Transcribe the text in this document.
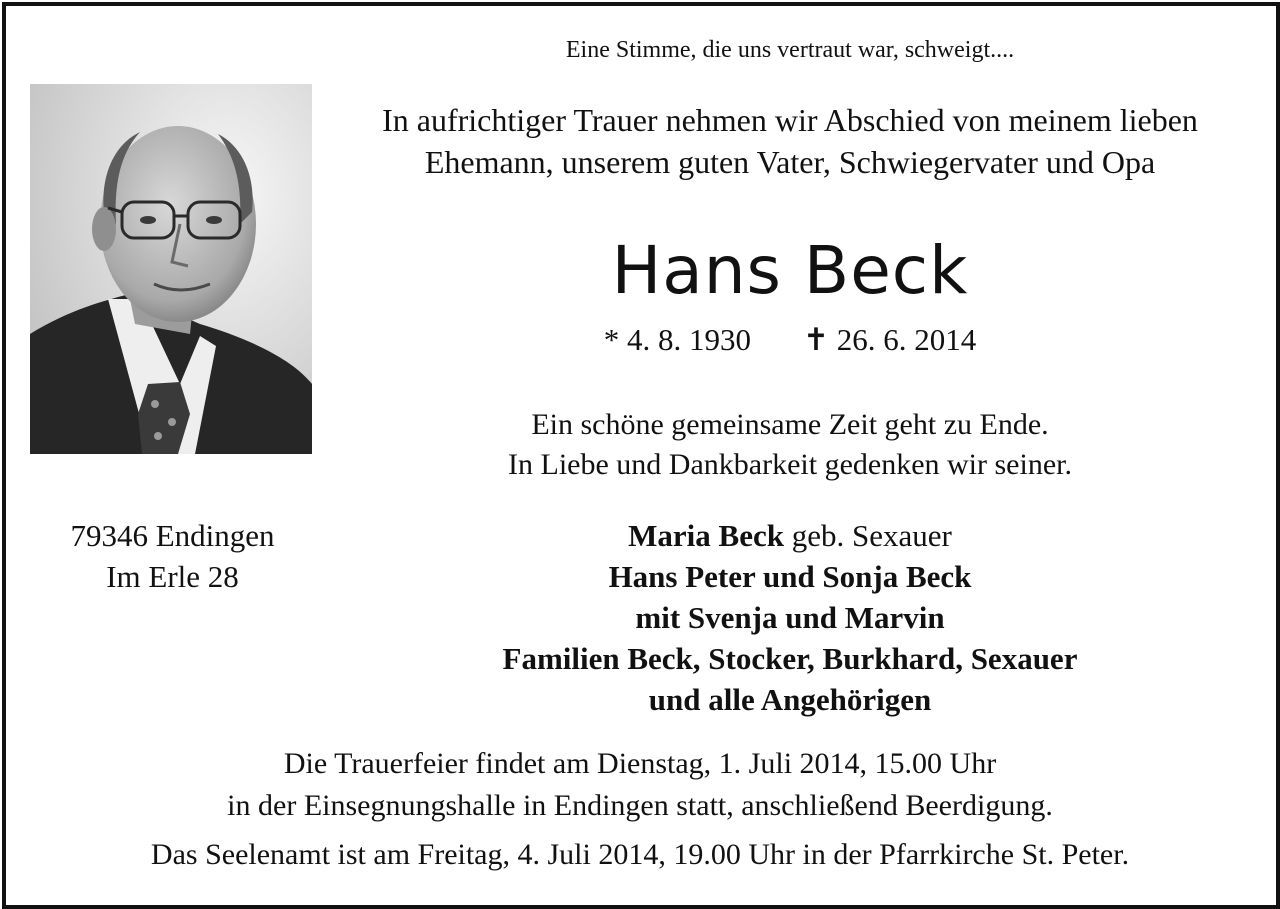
Eine Stimme, die uns vertraut war, schweigt....

In aufrichtiger Trauer nehmen wir Abschied von meinem lieben

Ehemann, unserem guten Vater, Schwiegervater und Opa

Hans Beck

* 4. 8. 1930 ✝ 26. 6. 2014

Ein schöne gemeinsame Zeit geht zu Ende.

In Liebe und Dankbarkeit gedenken wir seiner.

79346 Endingen
Im Erle 28

Maria Beck geb. Sexauer

Hans Peter und Sonja Beck

mit Svenja und Marvin

Familien Beck, Stocker, Burkhard, Sexauer

und alle Angehörigen

Die Trauerfeier findet am Dienstag, 1. Juli 2014, 15.00 Uhr

in der Einsegnungshalle in Endingen statt, anschließend Beerdigung.

Das Seelenamt ist am Freitag, 4. Juli 2014, 19.00 Uhr in der Pfarrkirche St. Peter.
